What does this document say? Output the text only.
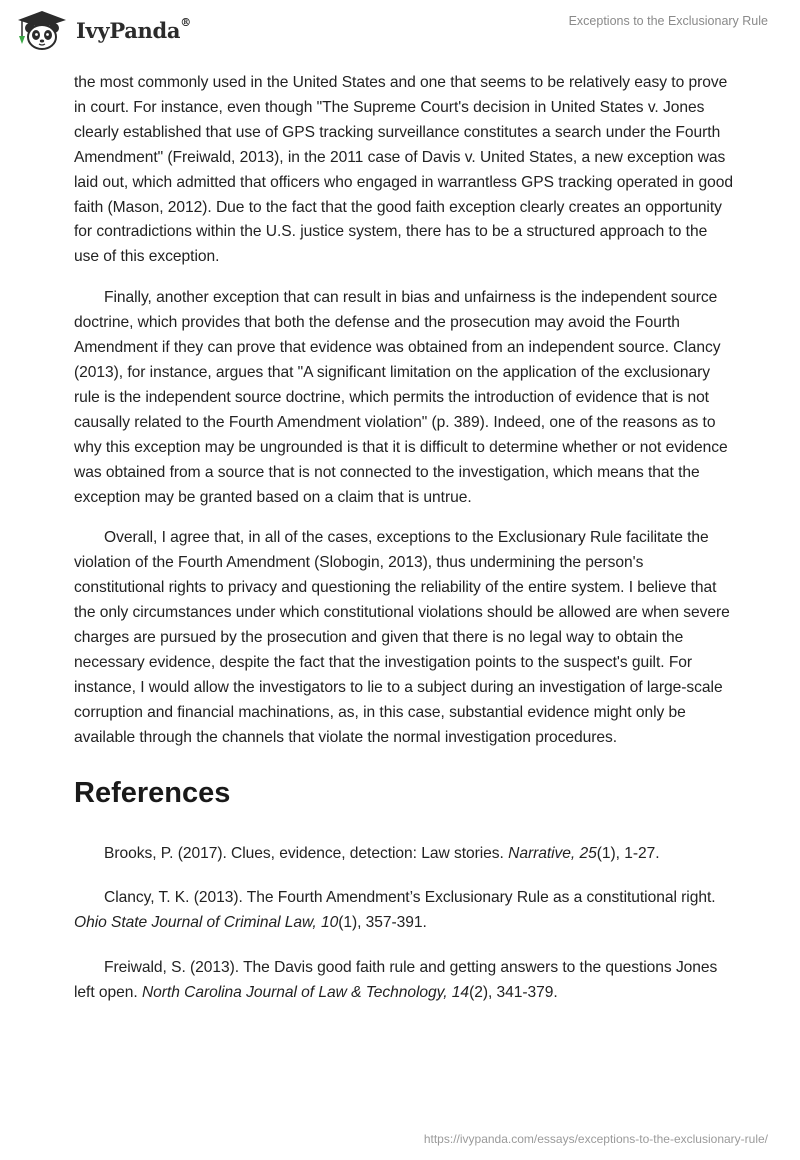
IvyPanda®	Exceptions to the Exclusionary Rule

the most commonly used in the United States and one that seems to be relatively easy to prove in court. For instance, even though "The Supreme Court's decision in United States v. Jones clearly established that use of GPS tracking surveillance constitutes a search under the Fourth Amendment" (Freiwald, 2013), in the 2011 case of Davis v. United States, a new exception was laid out, which admitted that officers who engaged in warrantless GPS tracking operated in good faith (Mason, 2012). Due to the fact that the good faith exception clearly creates an opportunity for contradictions within the U.S. justice system, there has to be a structured approach to the use of this exception.

Finally, another exception that can result in bias and unfairness is the independent source doctrine, which provides that both the defense and the prosecution may avoid the Fourth Amendment if they can prove that evidence was obtained from an independent source. Clancy (2013), for instance, argues that "A significant limitation on the application of the exclusionary rule is the independent source doctrine, which permits the introduction of evidence that is not causally related to the Fourth Amendment violation" (p. 389). Indeed, one of the reasons as to why this exception may be ungrounded is that it is difficult to determine whether or not evidence was obtained from a source that is not connected to the investigation, which means that the exception may be granted based on a claim that is untrue.

Overall, I agree that, in all of the cases, exceptions to the Exclusionary Rule facilitate the violation of the Fourth Amendment (Slobogin, 2013), thus undermining the person's constitutional rights to privacy and questioning the reliability of the entire system. I believe that the only circumstances under which constitutional violations should be allowed are when severe charges are pursued by the prosecution and given that there is no legal way to obtain the necessary evidence, despite the fact that the investigation points to the suspect's guilt. For instance, I would allow the investigators to lie to a subject during an investigation of large-scale corruption and financial machinations, as, in this case, substantial evidence might only be available through the channels that violate the normal investigation procedures.

References

Brooks, P. (2017). Clues, evidence, detection: Law stories. Narrative, 25(1), 1-27.

Clancy, T. K. (2013). The Fourth Amendment’s Exclusionary Rule as a constitutional right. Ohio State Journal of Criminal Law, 10(1), 357-391.

Freiwald, S. (2013). The Davis good faith rule and getting answers to the questions Jones left open. North Carolina Journal of Law & Technology, 14(2), 341-379.

https://ivypanda.com/essays/exceptions-to-the-exclusionary-rule/
